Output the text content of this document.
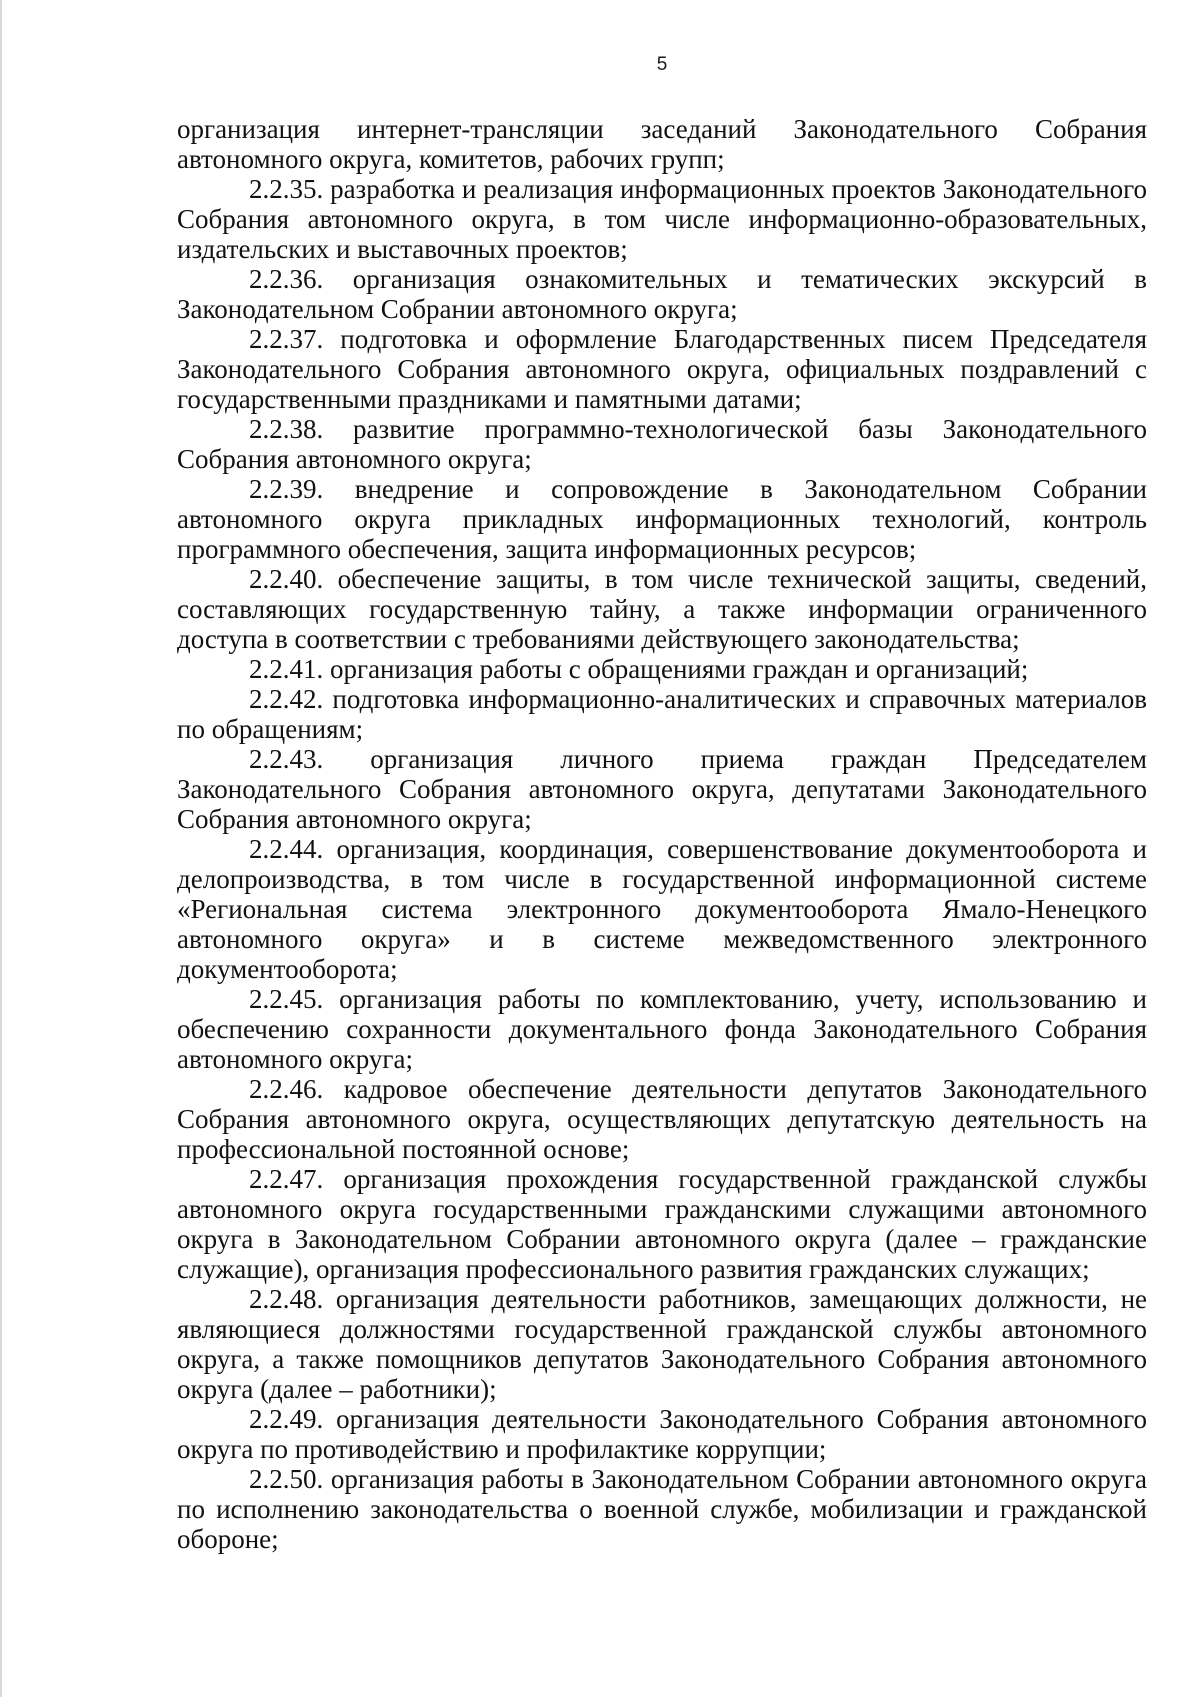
5

организация интернет-трансляции заседаний Законодательного Собрания автономного округа, комитетов, рабочих групп;

2.2.35. разработка и реализация информационных проектов Законодательного Собрания автономного округа, в том числе информационно-образовательных, издательских и выставочных проектов;

2.2.36. организация ознакомительных и тематических экскурсий в Законодательном Собрании автономного округа;

2.2.37. подготовка и оформление Благодарственных писем Председателя Законодательного Собрания автономного округа, официальных поздравлений с государственными праздниками и памятными датами;

2.2.38. развитие программно-технологической базы Законодательного Собрания автономного округа;

2.2.39. внедрение и сопровождение в Законодательном Собрании автономного округа прикладных информационных технологий, контроль программного обеспечения, защита информационных ресурсов;

2.2.40. обеспечение защиты, в том числе технической защиты, сведений, составляющих государственную тайну, а также информации ограниченного доступа в соответствии с требованиями действующего законодательства;

2.2.41. организация работы с обращениями граждан и организаций;

2.2.42. подготовка информационно-аналитических и справочных материалов по обращениям;

2.2.43. организация личного приема граждан Председателем Законодательного Собрания автономного округа, депутатами Законодательного Собрания автономного округа;

2.2.44. организация, координация, совершенствование документооборота и делопроизводства, в том числе в государственной информационной системе «Региональная система электронного документооборота Ямало-Ненецкого автономного округа» и в системе межведомственного электронного документооборота;

2.2.45. организация работы по комплектованию, учету, использованию и обеспечению сохранности документального фонда Законодательного Собрания автономного округа;

2.2.46. кадровое обеспечение деятельности депутатов Законодательного Собрания автономного округа, осуществляющих депутатскую деятельность на профессиональной постоянной основе;

2.2.47. организация прохождения государственной гражданской службы автономного округа государственными гражданскими служащими автономного округа в Законодательном Собрании автономного округа (далее – гражданские служащие), организация профессионального развития гражданских служащих;

2.2.48. организация деятельности работников, замещающих должности, не являющиеся должностями государственной гражданской службы автономного округа, а также помощников депутатов Законодательного Собрания автономного округа (далее – работники);

2.2.49. организация деятельности Законодательного Собрания автономного округа по противодействию и профилактике коррупции;

2.2.50. организация работы в Законодательном Собрании автономного округа по исполнению законодательства о военной службе, мобилизации и гражданской обороне;
